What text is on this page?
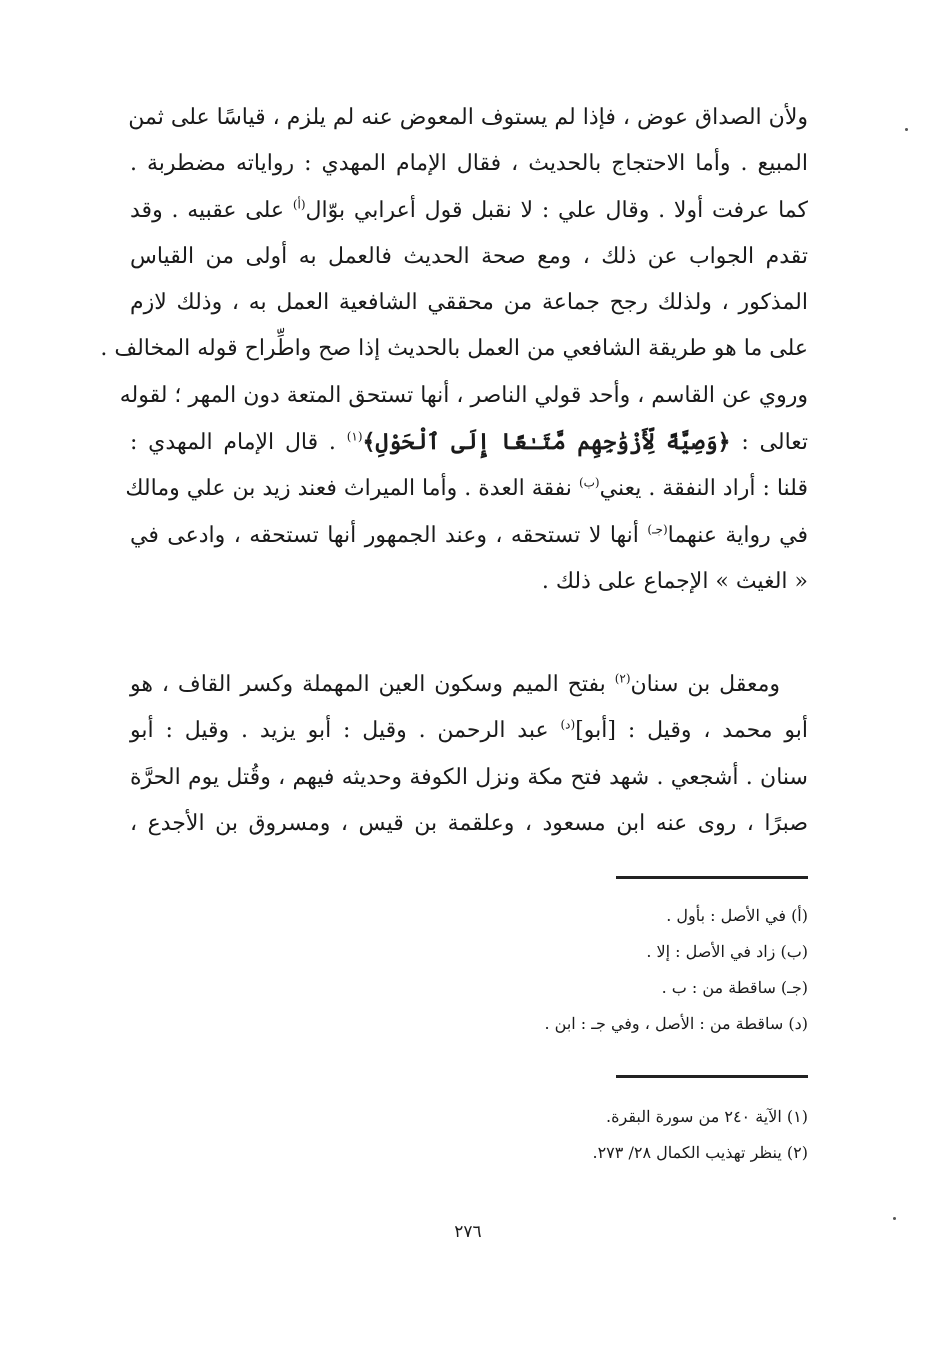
ولأن الصداق عوض ، فإذا لم يستوف المعوض عنه لم يلزم ، قياسًا على ثمن
المبيع . وأما الاحتجاج بالحديث ، فقال الإمام المهدي : رواياته مضطربة .
كما عرفت أولا . وقال علي : لا نقبل قول أعرابي بوّال$^{(أ)}$ على عقبيه . وقد
تقدم الجواب عن ذلك ، ومع صحة الحديث فالعمل به أولى من القياس
المذكور ، ولذلك رجح جماعة من محققي الشافعية العمل به ، وذلك لازم
على ما هو طريقة الشافعي من العمل بالحديث إذا صح واطِّراح قوله المخالف .
وروي عن القاسم ، وأحد قولي الناصر ، أنها تستحق المتعة دون المهر ؛ لقوله
تعالى : ﴿وَصِيَّةً لِّأَزْوَٰجِهِم مَّتَـٰعًا إِلَى ٱلْحَوْلِ﴾$^{(١)}$ . قال الإمام المهدي :
قلنا : أراد النفقة . يعني$^{(ب)}$ نفقة العدة . وأما الميراث فعند زيد بن علي ومالك
في رواية عنهما$^{(جـ)}$ أنها لا تستحقه ، وعند الجمهور أنها تستحقه ، وادعى في
« الغيث » الإجماع على ذلك .
ومعقل بن سنان$^{(٢)}$ بفتح الميم وسكون العين المهملة وكسر القاف ، هو
أبو محمد ، وقيل : [أبو]$^{(د)}$ عبد الرحمن . وقيل : أبو يزيد . وقيل : أبو
سنان . أشجعي . شهد فتح مكة ونزل الكوفة وحديثه فيهم ، وقُتل يوم الحرَّة
صبرًا ، روى عنه ابن مسعود ، وعلقمة بن قيس ، ومسروق بن الأجدع ،
(أ) في الأصل : بأول .
(ب) زاد في الأصل : إلا .
(جـ) ساقطة من : ب .
(د) ساقطة من : الأصل ، وفي جـ : ابن .
(١) الآية ٢٤٠ من سورة البقرة.
(٢) ينظر تهذيب الكمال ٢٨/ ٢٧٣.
٢٧٦
